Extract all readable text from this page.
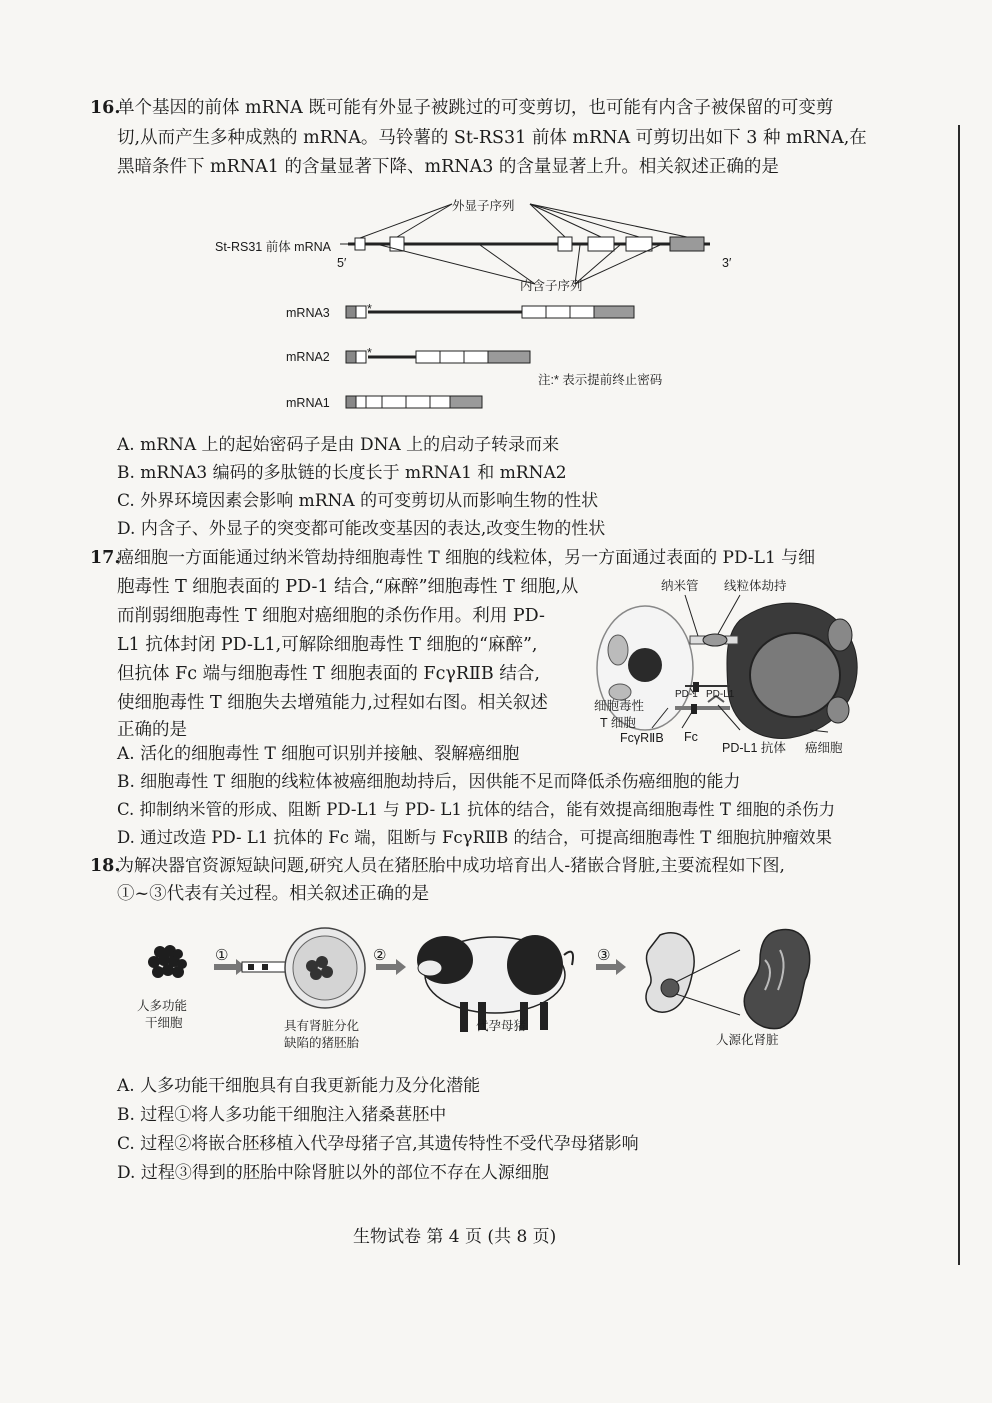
16.
单个基因的前体 mRNA 既可能有外显子被跳过的可变剪切，也可能有内含子被保留的可变剪
切,从而产生多种成熟的 mRNA。马铃薯的 St-RS31 前体 mRNA 可剪切出如下 3 种 mRNA,在
黑暗条件下 mRNA1 的含量显著下降、mRNA3 的含量显著上升。相关叙述正确的是
外显子序列
内含子序列
St-RS31 前体 mRNA
5′	3′
mRNA3	*
mRNA2	*
注:* 表示提前终止密码
mRNA1
A. mRNA 上的起始密码子是由 DNA 上的启动子转录而来
B. mRNA3 编码的多肽链的长度长于 mRNA1 和 mRNA2
C. 外界环境因素会影响 mRNA 的可变剪切从而影响生物的性状
D. 内含子、外显子的突变都可能改变基因的表达,改变生物的性状
17.
癌细胞一方面能通过纳米管劫持细胞毒性 T 细胞的线粒体，另一方面通过表面的 PD-L1 与细
胞毒性 T 细胞表面的 PD-1 结合,“麻醉”细胞毒性 T 细胞,从
而削弱细胞毒性 T 细胞对癌细胞的杀伤作用。利用 PD-
L1 抗体封闭 PD-L1,可解除细胞毒性 T 细胞的“麻醉”,
但抗体 Fc 端与细胞毒性 T 细胞表面的 FcγRⅡB 结合,
使细胞毒性 T 细胞失去增殖能力,过程如右图。相关叙述
正确的是
纳米管 线粒体劫持
PD-1 PD-L1
细胞毒性
T 细胞
FcγRⅡB Fc
PD-L1 抗体 癌细胞
A. 活化的细胞毒性 T 细胞可识别并接触、裂解癌细胞
B. 细胞毒性 T 细胞的线粒体被癌细胞劫持后，因供能不足而降低杀伤癌细胞的能力
C. 抑制纳米管的形成、阻断 PD-L1 与 PD- L1 抗体的结合，能有效提高细胞毒性 T 细胞的杀伤力
D. 通过改造 PD- L1 抗体的 Fc 端，阻断与 FcγRⅡB 的结合，可提高细胞毒性 T 细胞抗肿瘤效果
18.
为解决器官资源短缺问题,研究人员在猪胚胎中成功培育出人-猪嵌合肾脏,主要流程如下图,
①~③代表有关过程。相关叙述正确的是
①	②	③
人多功能
干细胞	具有肾脏分化
缺陷的猪胚胎
代孕母猪
人源化肾脏
A. 人多功能干细胞具有自我更新能力及分化潜能
B. 过程①将人多功能干细胞注入猪桑葚胚中
C. 过程②将嵌合胚移植入代孕母猪子宫,其遗传特性不受代孕母猪影响
D. 过程③得到的胚胎中除肾脏以外的部位不存在人源细胞
生物试卷 第 4 页 (共 8 页)
